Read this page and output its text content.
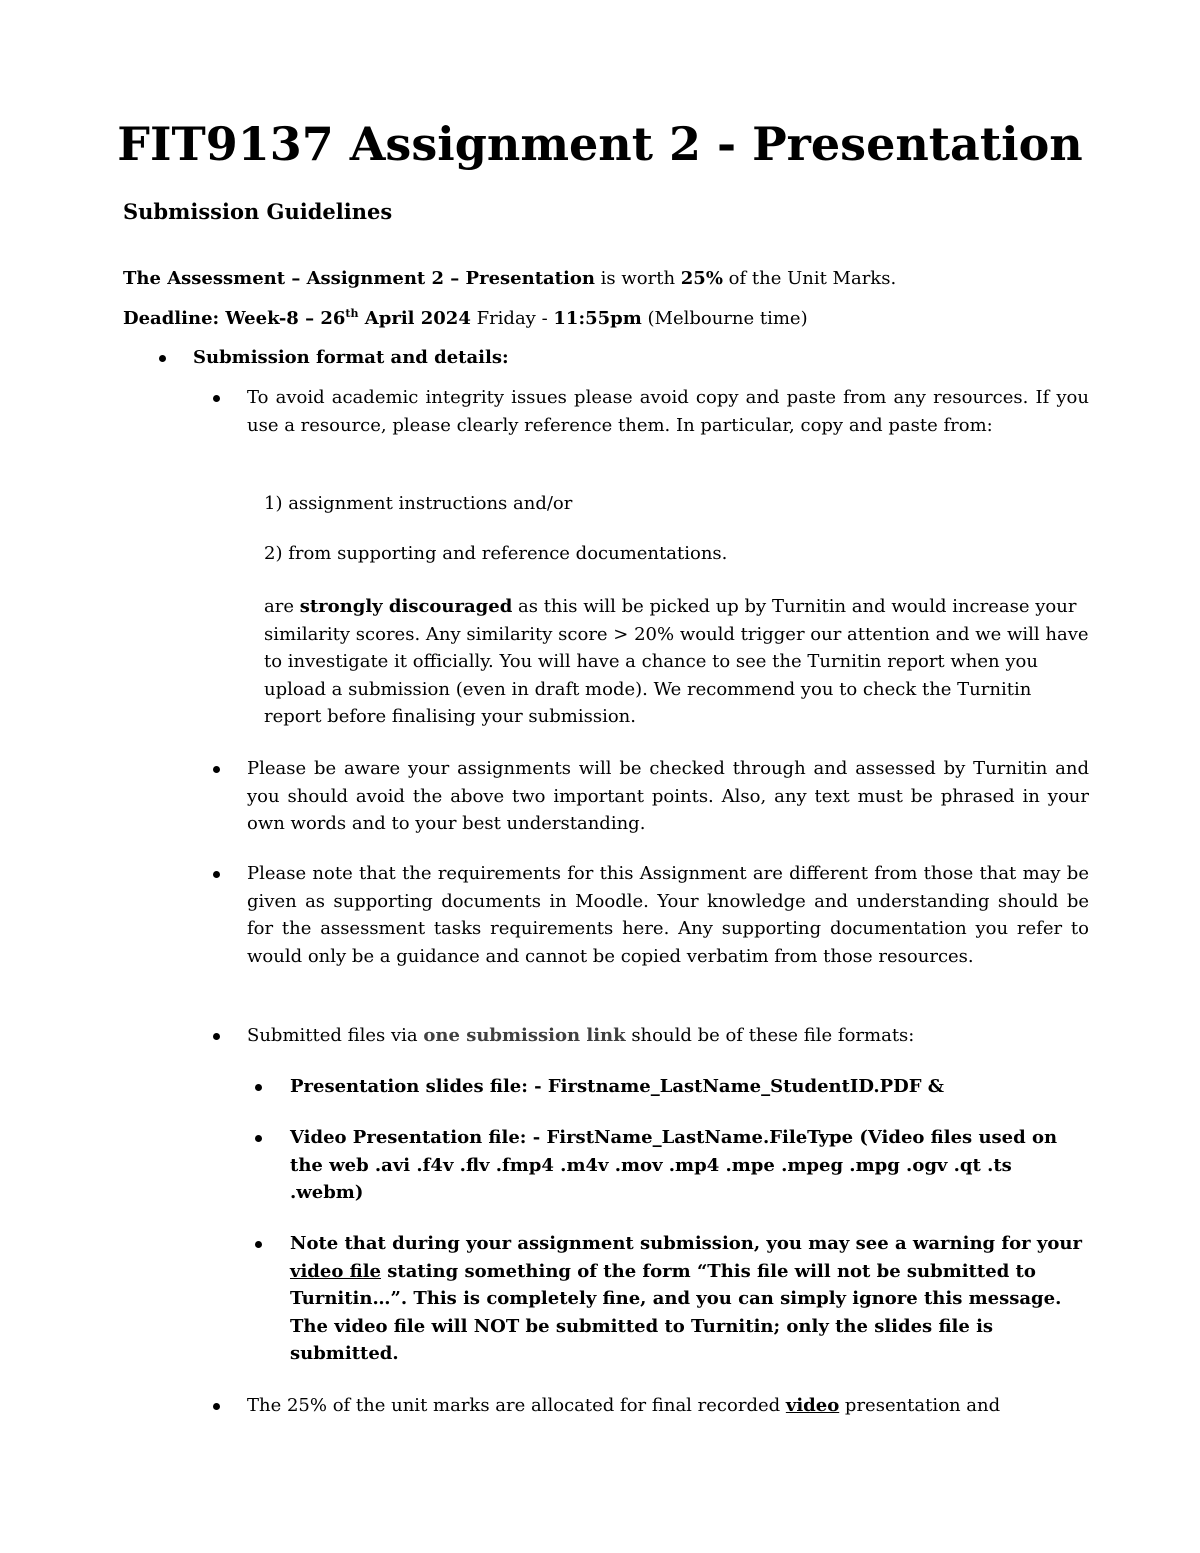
FIT9137 Assignment 2 - Presentation
Submission Guidelines
The Assessment – Assignment 2 – Presentation is worth 25% of the Unit Marks.
Deadline: Week-8 – 26th April 2024 Friday - 11:55pm (Melbourne time)
Submission format and details:
To avoid academic integrity issues please avoid copy and paste from any resources. If you use a resource, please clearly reference them. In particular, copy and paste from:
1) assignment instructions and/or
2) from supporting and reference documentations.
are strongly discouraged as this will be picked up by Turnitin and would increase your similarity scores. Any similarity score > 20% would trigger our attention and we will have to investigate it officially. You will have a chance to see the Turnitin report when you upload a submission (even in draft mode). We recommend you to check the Turnitin report before finalising your submission.
Please be aware your assignments will be checked through and assessed by Turnitin and you should avoid the above two important points. Also, any text must be phrased in your own words and to your best understanding.
Please note that the requirements for this Assignment are different from those that may be given as supporting documents in Moodle. Your knowledge and understanding should be for the assessment tasks requirements here. Any supporting documentation you refer to would only be a guidance and cannot be copied verbatim from those resources.
Submitted files via one submission link should be of these file formats:
Presentation slides file: - Firstname_LastName_StudentID.PDF &
Video Presentation file: - FirstName_LastName.FileType (Video files used on the web .avi .f4v .flv .fmp4 .m4v .mov .mp4 .mpe .mpeg .mpg .ogv .qt .ts .webm)
Note that during your assignment submission, you may see a warning for your video file stating something of the form “This file will not be submitted to Turnitin…”. This is completely fine, and you can simply ignore this message. The video file will NOT be submitted to Turnitin; only the slides file is submitted.
The 25% of the unit marks are allocated for final recorded video presentation and
